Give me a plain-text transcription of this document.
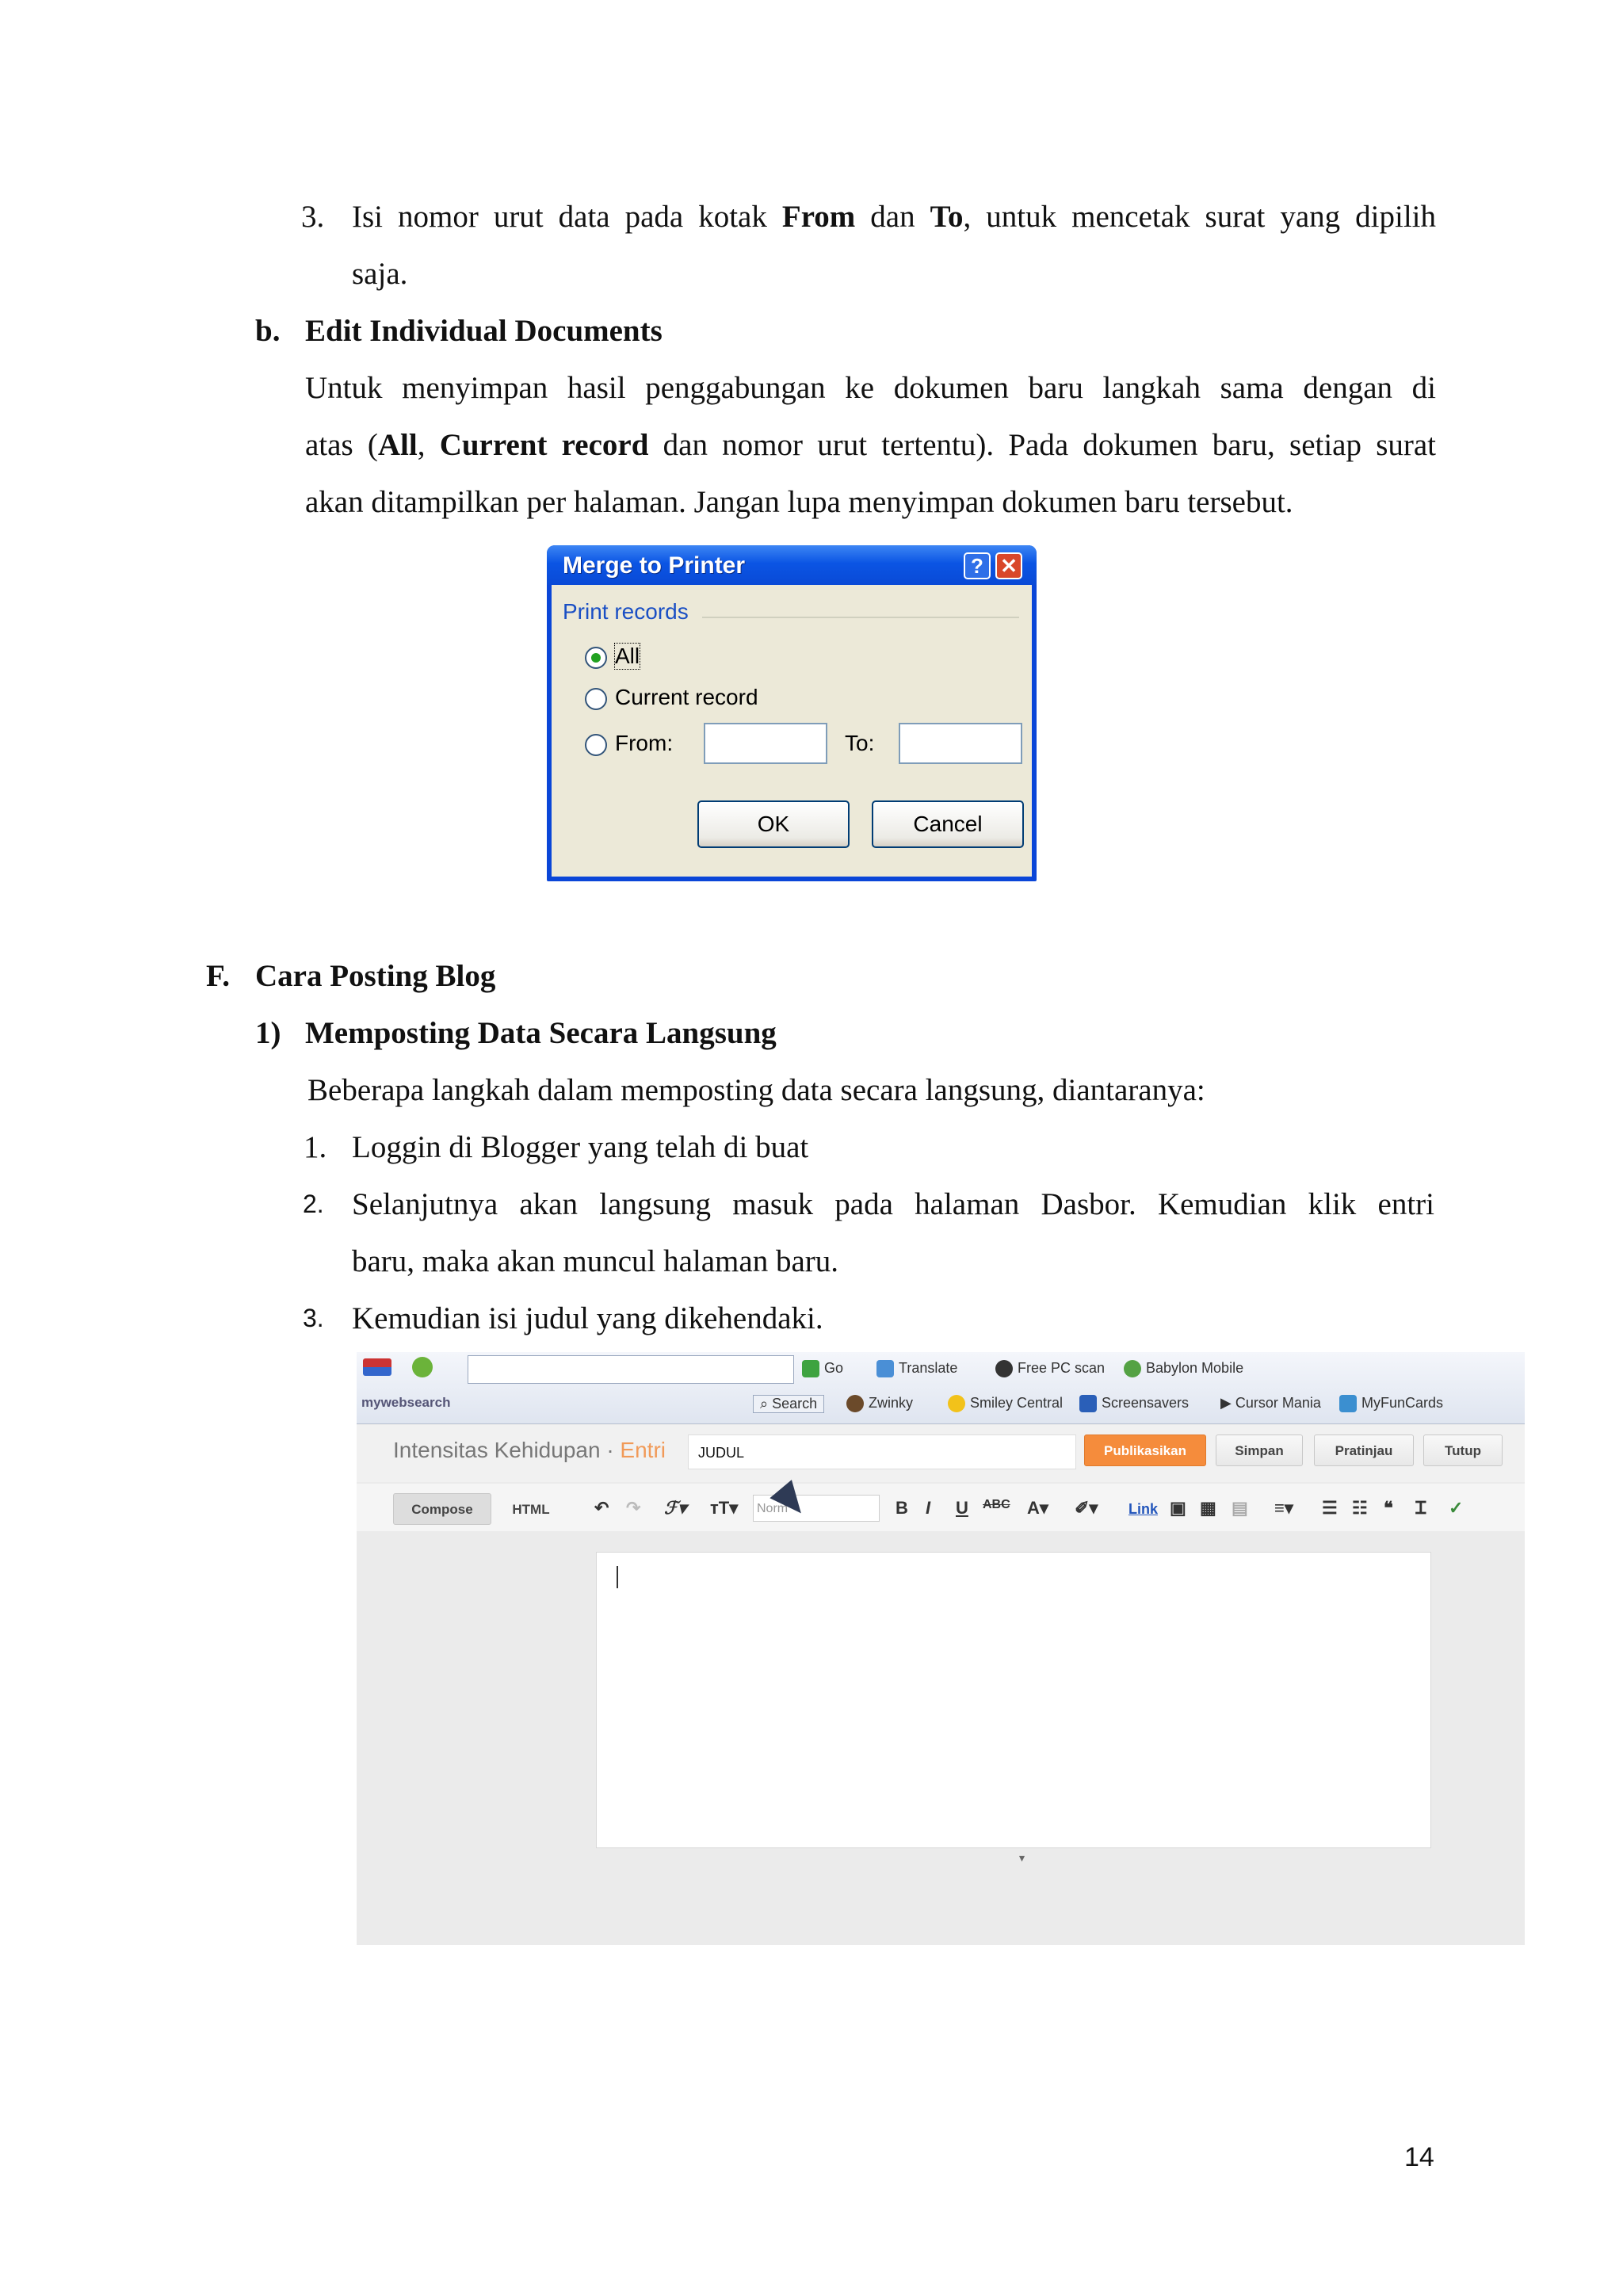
3. Isi nomor urut data pada kotak From dan To, untuk mencetak surat yang dipilih
saja.
b. Edit Individual Documents
Untuk menyimpan hasil penggabungan ke dokumen baru langkah sama dengan di
atas (All, Current record dan nomor urut tertentu). Pada dokumen baru, setiap surat
akan ditampilkan per halaman. Jangan lupa menyimpan dokumen baru tersebut.
Merge to Printer	? ✕
Print records
All
Current record
From:	To:
OK	Cancel
F. Cara Posting Blog
1) Memposting Data Secara Langsung
Beberapa langkah dalam memposting data secara langsung, diantaranya:
1. Loggin di Blogger yang telah di buat
2. Selanjutnya akan langsung masuk pada halaman Dasbor. Kemudian klik entri
baru, maka akan muncul halaman baru.
3. Kemudian isi judul yang dikehendaki.
Go	Translate	Free PC scan	Babylon Mobile
mywebsearch	⌕ Search	Zwinky	Smiley Central	Screensavers ▶ Cursor Mania	MyFunCards
Intensitas Kehidupan · Entri	JUDUL	Publikasikan	Simpan	Pratinjau	Tutup
Compose	HTML	↶ ↷ ℱ▾ тT▾	Norm	B I U ABC A▾ ✐▾ Link ▣ ▦ ▤ ≡▾ ☰ ☷ ❝ Ꮖ ✓
▾
14
